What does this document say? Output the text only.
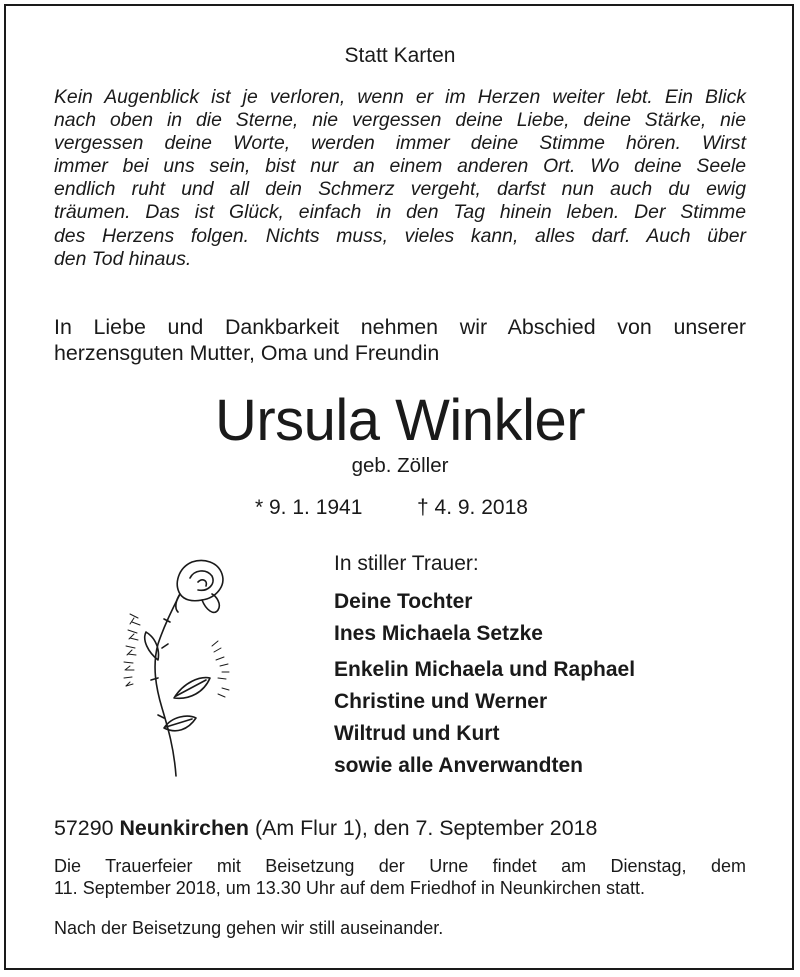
Statt Karten
Kein Augenblick ist je verloren, wenn er im Herzen weiter lebt. Ein Blick
nach oben in die Sterne, nie vergessen deine Liebe, deine Stärke, nie
vergessen deine Worte, werden immer deine Stimme hören. Wirst
immer bei uns sein, bist nur an einem anderen Ort. Wo deine Seele
endlich ruht und all dein Schmerz vergeht, darfst nun auch du ewig
träumen. Das ist Glück, einfach in den Tag hinein leben. Der Stimme
des Herzens folgen. Nichts muss, vieles kann, alles darf. Auch über
den Tod hinaus.
In Liebe und Dankbarkeit nehmen wir Abschied von unserer
herzensguten Mutter, Oma und Freundin
Ursula Winkler
geb. Zöller
* 9. 1. 1941	† 4. 9. 2018
In stiller Trauer:
Deine Tochter
Ines Michaela Setzke
Enkelin Michaela und Raphael
Christine und Werner
Wiltrud und Kurt
sowie alle Anverwandten
57290 Neunkirchen (Am Flur 1), den 7. September 2018
Die Trauerfeier mit Beisetzung der Urne findet am Dienstag, dem
11. September 2018, um 13.30 Uhr auf dem Friedhof in Neunkirchen statt.
Nach der Beisetzung gehen wir still auseinander.
